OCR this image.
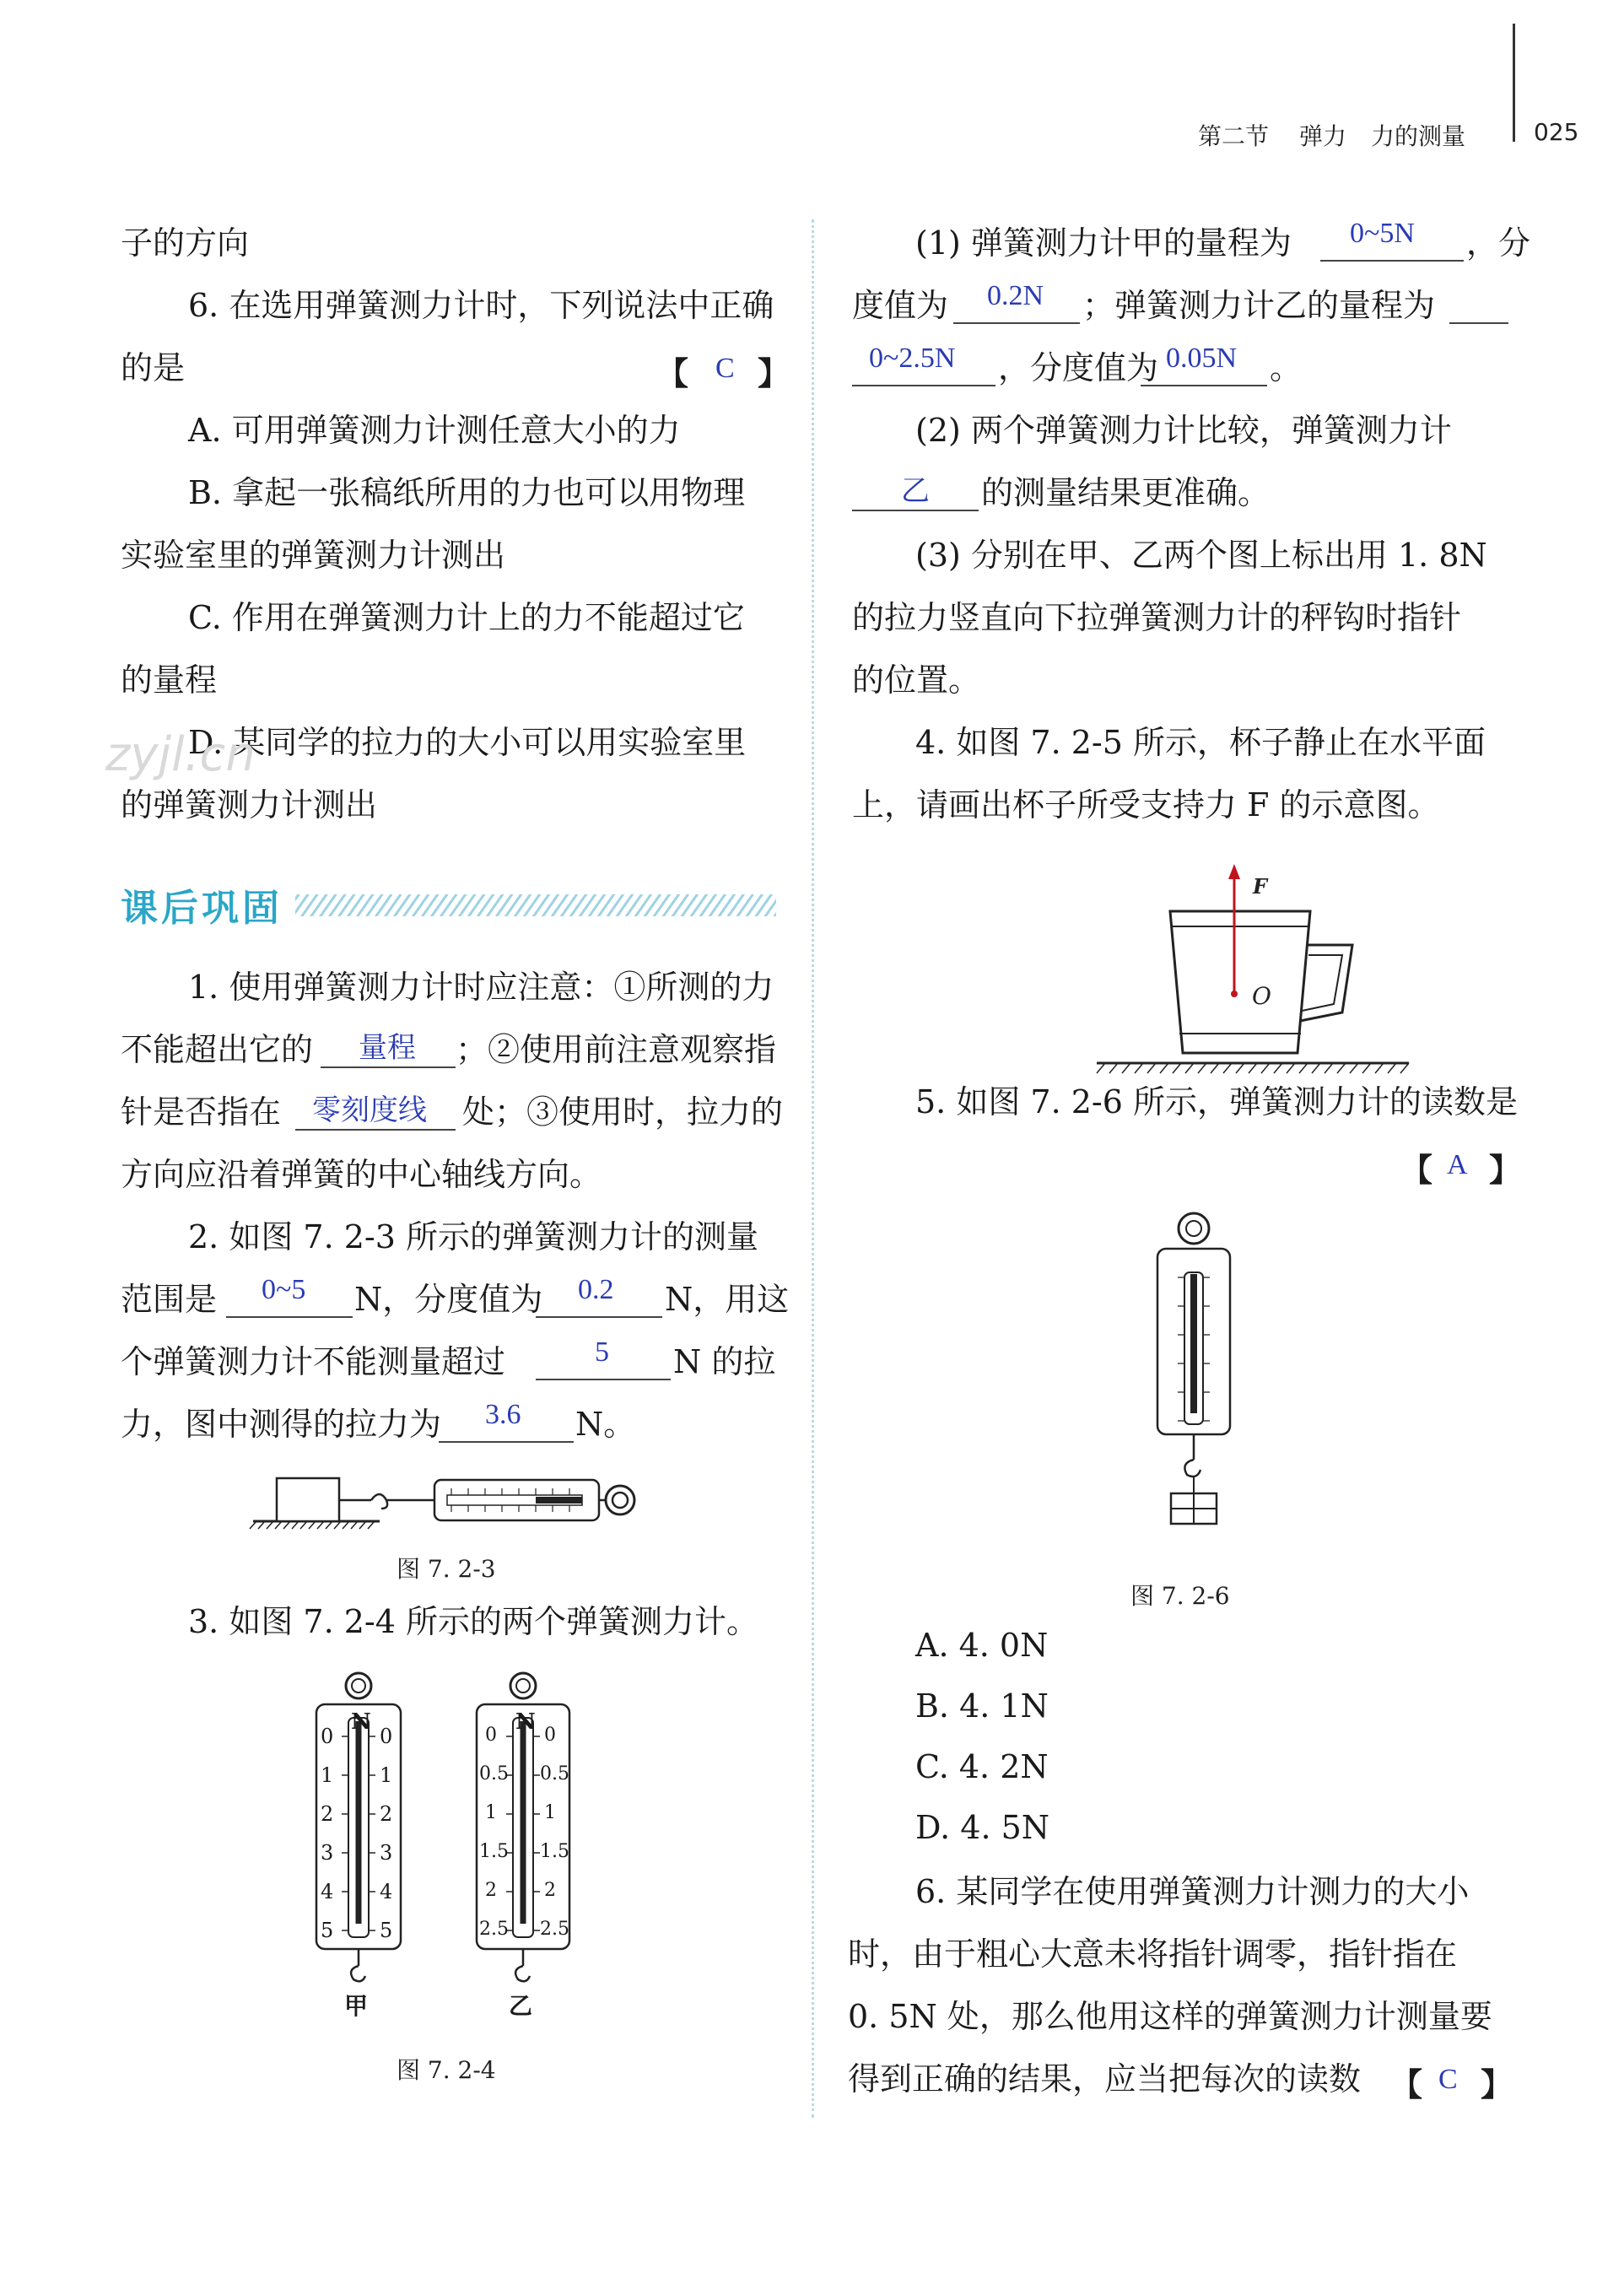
第二节 弹力 力的测量	025
子的方向
6. 在选用弹簧测力计时，下列说法中正确
的是	【 C 】
A. 可用弹簧测力计测任意大小的力
B. 拿起一张稿纸所用的力也可以用物理
实验室里的弹簧测力计测出
C. 作用在弹簧测力计上的力不能超过它
的量程
D. 某同学的拉力的大小可以用实验室里
的弹簧测力计测出
zyjl.cn
课后巩固
1. 使用弹簧测力计时应注意：①所测的力
不能超出它的 量程 ；②使用前注意观察指
针是否指在 零刻度线 处；③使用时，拉力的
方向应沿着弹簧的中心轴线方向。
2. 如图 7. 2-3 所示的弹簧测力计的测量
范围是 0~5 N，分度值为 0.2 N，用这
个弹簧测力计不能测量超过	5 N 的拉
力，图中测得的拉力为 3.6 N。
图 7. 2-3
3. 如图 7. 2-4 所示的两个弹簧测力计。
N
0
1
2
3
4
5
0
1
2
3
4
5
甲
N
0
0.5
1
1.5
2
2.5
0
0.5
1
1.5
2
2.5
乙
图 7. 2-4
(1) 弹簧测力计甲的量程为 0~5N ，分
度值为 0.2N ；弹簧测力计乙的量程为
0~2.5N ，分度值为 0.05N 。
(2) 两个弹簧测力计比较，弹簧测力计
乙 的测量结果更准确。
(3) 分别在甲、乙两个图上标出用 1. 8N
的拉力竖直向下拉弹簧测力计的秤钩时指针
的位置。
4. 如图 7. 2-5 所示，杯子静止在水平面
上，请画出杯子所受支持力 F 的示意图。
F
O
5. 如图 7. 2-6 所示，弹簧测力计的读数是
【 A 】
图 7. 2-6
A. 4. 0N
B. 4. 1N
C. 4. 2N
D. 4. 5N
6. 某同学在使用弹簧测力计测力的大小
时，由于粗心大意未将指针调零，指针指在
0. 5N 处，那么他用这样的弹簧测力计测量要
得到正确的结果，应当把每次的读数 【 C 】
